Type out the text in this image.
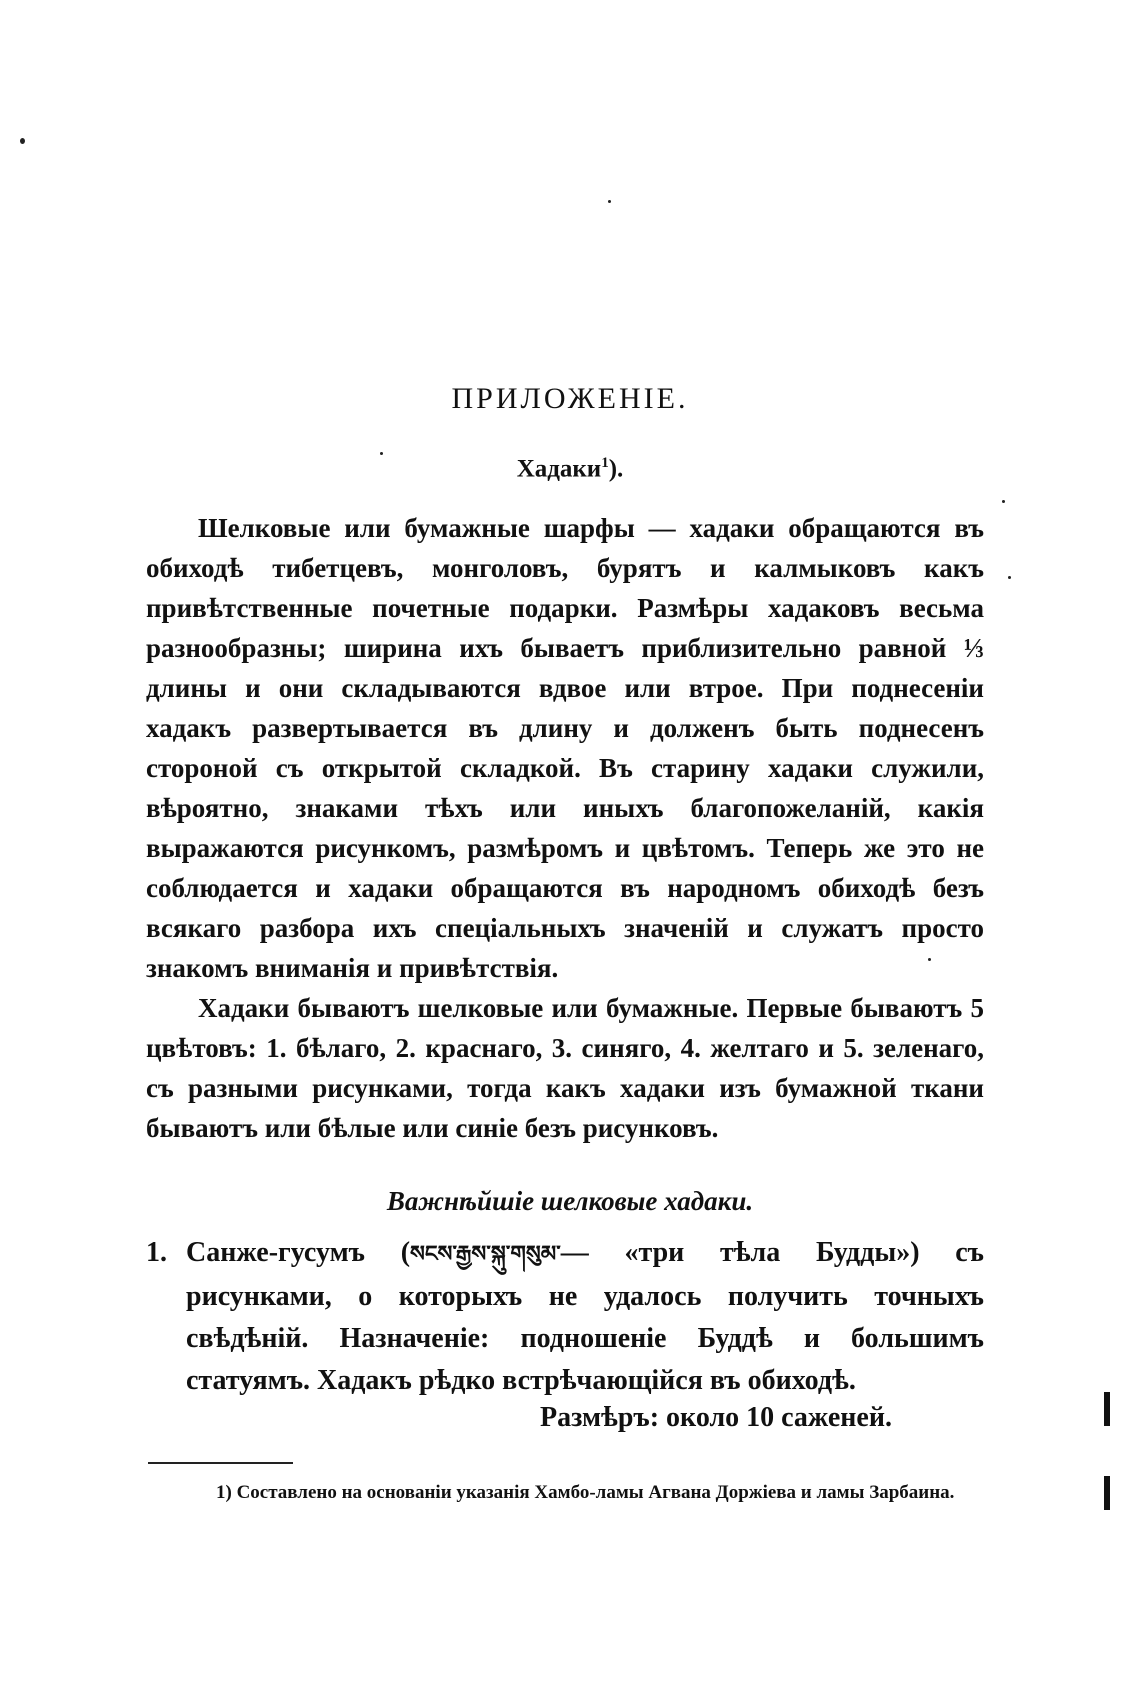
ПРИЛОЖЕНІЕ.
Хадаки$^1$).

Шелковые или бумажные шарфы — хадаки обращаются въ обиходѣ тибетцевъ, монголовъ, бурятъ и калмыковъ какъ привѣтственные почетные подарки. Размѣры хадаковъ весьма разнообразны; ширина ихъ бываетъ приблизительно равной ⅓ длины и они складываются вдвое или втрое. При поднесеніи хадакъ развертывается въ длину и долженъ быть поднесенъ стороной съ открытой складкой. Въ старину хадаки служили, вѣроятно, знаками тѣхъ или иныхъ благопожеланій, какія выражаются рисункомъ, размѣромъ и цвѣтомъ. Теперь же это не соблюдается и хадаки обращаются въ народномъ обиходѣ безъ всякаго разбора ихъ спеціальныхъ значеній и служатъ просто знакомъ вниманія и привѣтствія.

Хадаки бываютъ шелковые или бумажные. Первые бываютъ 5 цвѣтовъ: 1. бѣлаго, 2. краснаго, 3. синяго, 4. желтаго и 5. зеленаго, съ разными рисунками, тогда какъ хадаки изъ бумажной ткани бываютъ или бѣлые или синіе безъ рисунковъ.

Важнѣйшіе шелковые хадаки.
1. Санже-гусумъ (སངས་རྒྱས་སྐུ་གསུམ་— «три тѣла Будды») съ рисунками, о которыхъ не удалось получить точныхъ свѣдѣній. Назначеніе: подношеніе Буддѣ и большимъ статуямъ. Хадакъ рѣдко встрѣчающійся въ обиходѣ.
Размѣръ: около 10 саженей.
1) Составлено на основаніи указанія Хамбо-ламы Агвана Доржіева и ламы Зарбаина.
